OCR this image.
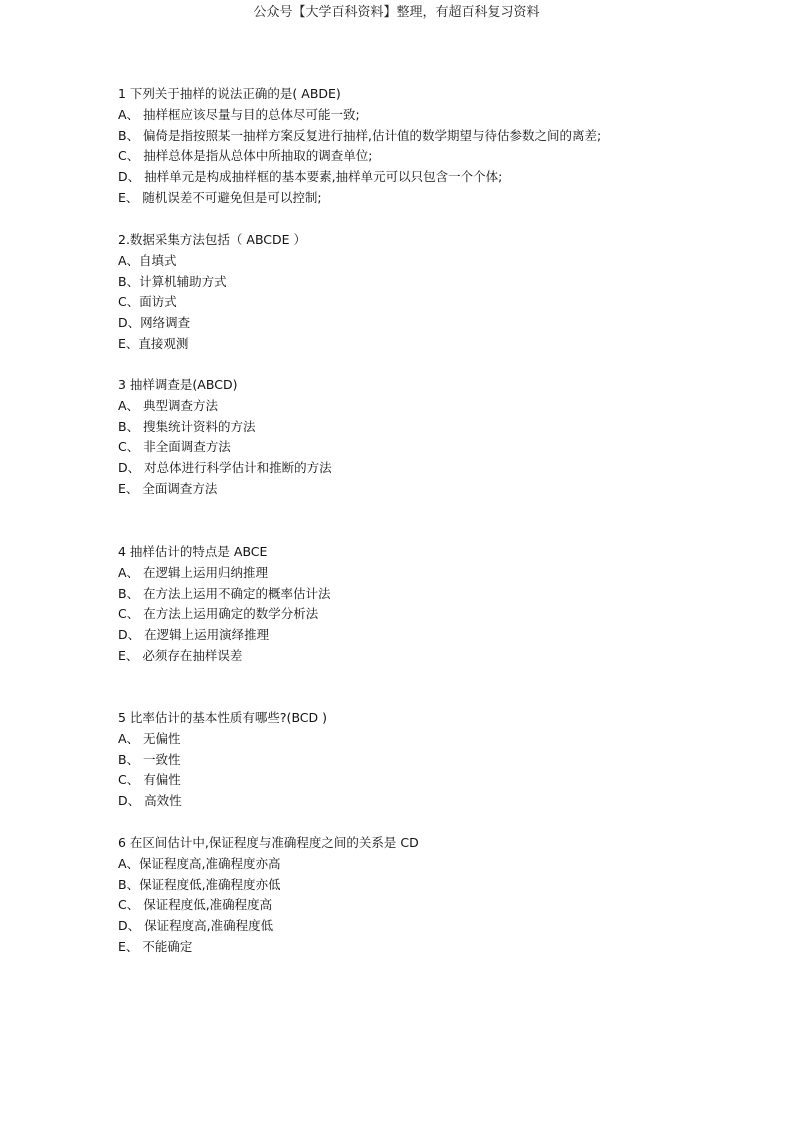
公众号【大学百科资料】整理，有超百科复习资料
1 下列关于抽样的说法正确的是( ABDE)
A、 抽样框应该尽量与目的总体尽可能一致;
B、 偏倚是指按照某一抽样方案反复进行抽样,估计值的数学期望与待估参数之间的离差;
C、 抽样总体是指从总体中所抽取的调查单位;
D、 抽样单元是构成抽样框的基本要素,抽样单元可以只包含一个个体;
E、 随机误差不可避免但是可以控制;
2.数据采集方法包括（ ABCDE ）
A、自填式
B、计算机辅助方式
C、面访式
D、网络调查
E、直接观测
3 抽样调查是(ABCD)
A、 典型调查方法
B、 搜集统计资料的方法
C、 非全面调查方法
D、 对总体进行科学估计和推断的方法
E、 全面调查方法
4 抽样估计的特点是 ABCE
A、 在逻辑上运用归纳推理
B、 在方法上运用不确定的概率估计法
C、 在方法上运用确定的数学分析法
D、 在逻辑上运用演绎推理
E、 必须存在抽样误差
5 比率估计的基本性质有哪些?(BCD )
A、 无偏性
B、 一致性
C、 有偏性
D、 高效性
6 在区间估计中,保证程度与准确程度之间的关系是 CD
A、保证程度高,准确程度亦高
B、保证程度低,准确程度亦低
C、 保证程度低,准确程度高
D、 保证程度高,准确程度低
E、 不能确定
